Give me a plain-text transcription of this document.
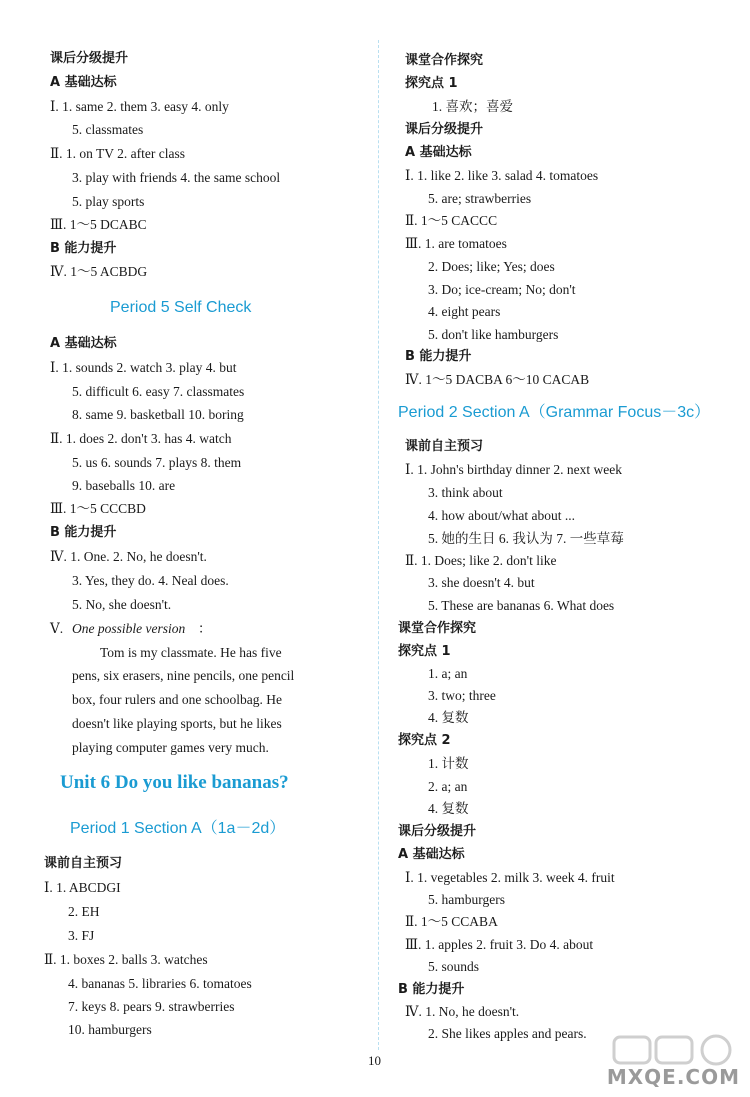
课后分级提升
A 基础达标
Ⅰ. 1. same 2. them 3. easy 4. only
5. classmates
Ⅱ. 1. on TV 2. after class
3. play with friends 4. the same school
5. play sports
Ⅲ. 1～5 DCABC
B 能力提升
Ⅳ. 1～5 ACBDG
Period 5 Self Check
A 基础达标
Ⅰ. 1. sounds 2. watch 3. play 4. but
5. difficult 6. easy 7. classmates
8. same 9. basketball 10. boring
Ⅱ. 1. does 2. don't 3. has 4. watch
5. us 6. sounds 7. plays 8. them
9. baseballs 10. are
Ⅲ. 1～5 CCCBD
B 能力提升
Ⅳ. 1. One. 2. No, he doesn't.
3. Yes, they do. 4. Neal does.
5. No, she doesn't.
Ⅴ. One possible version ：
Tom is my classmate. He has five
pens, six erasers, nine pencils, one pencil
box, four rulers and one schoolbag. He
doesn't like playing sports, but he likes
playing computer games very much.
Unit 6 Do you like bananas?
Period 1 Section A（1a－2d）
课前自主预习
Ⅰ. 1. ABCDGI
2. EH
3. FJ
Ⅱ. 1. boxes 2. balls 3. watches
4. bananas 5. libraries 6. tomatoes
7. keys 8. pears 9. strawberries
10. hamburgers
课堂合作探究
探究点 1
1. 喜欢；喜爱
课后分级提升
A 基础达标
Ⅰ. 1. like 2. like 3. salad 4. tomatoes
5. are; strawberries
Ⅱ. 1～5 CACCC
Ⅲ. 1. are tomatoes
2. Does; like; Yes; does
3. Do; ice-cream; No; don't
4. eight pears
5. don't like hamburgers
B 能力提升
Ⅳ. 1～5 DACBA 6～10 CACAB
Period 2 Section A（Grammar Focus－3c）
课前自主预习
Ⅰ. 1. John's birthday dinner 2. next week
3. think about
4. how about/what about ...
5. 她的生日 6. 我认为 7. 一些草莓
Ⅱ. 1. Does; like 2. don't like
3. she doesn't 4. but
5. These are bananas 6. What does
课堂合作探究
探究点 1
1. a; an
3. two; three
4. 复数
探究点 2
1. 计数
2. a; an
4. 复数
课后分级提升
A 基础达标
Ⅰ. 1. vegetables 2. milk 3. week 4. fruit
5. hamburgers
Ⅱ. 1～5 CCABA
Ⅲ. 1. apples 2. fruit 3. Do 4. about
5. sounds
B 能力提升
Ⅳ. 1. No, he doesn't.
2. She likes apples and pears.
10
MXQE.COM
